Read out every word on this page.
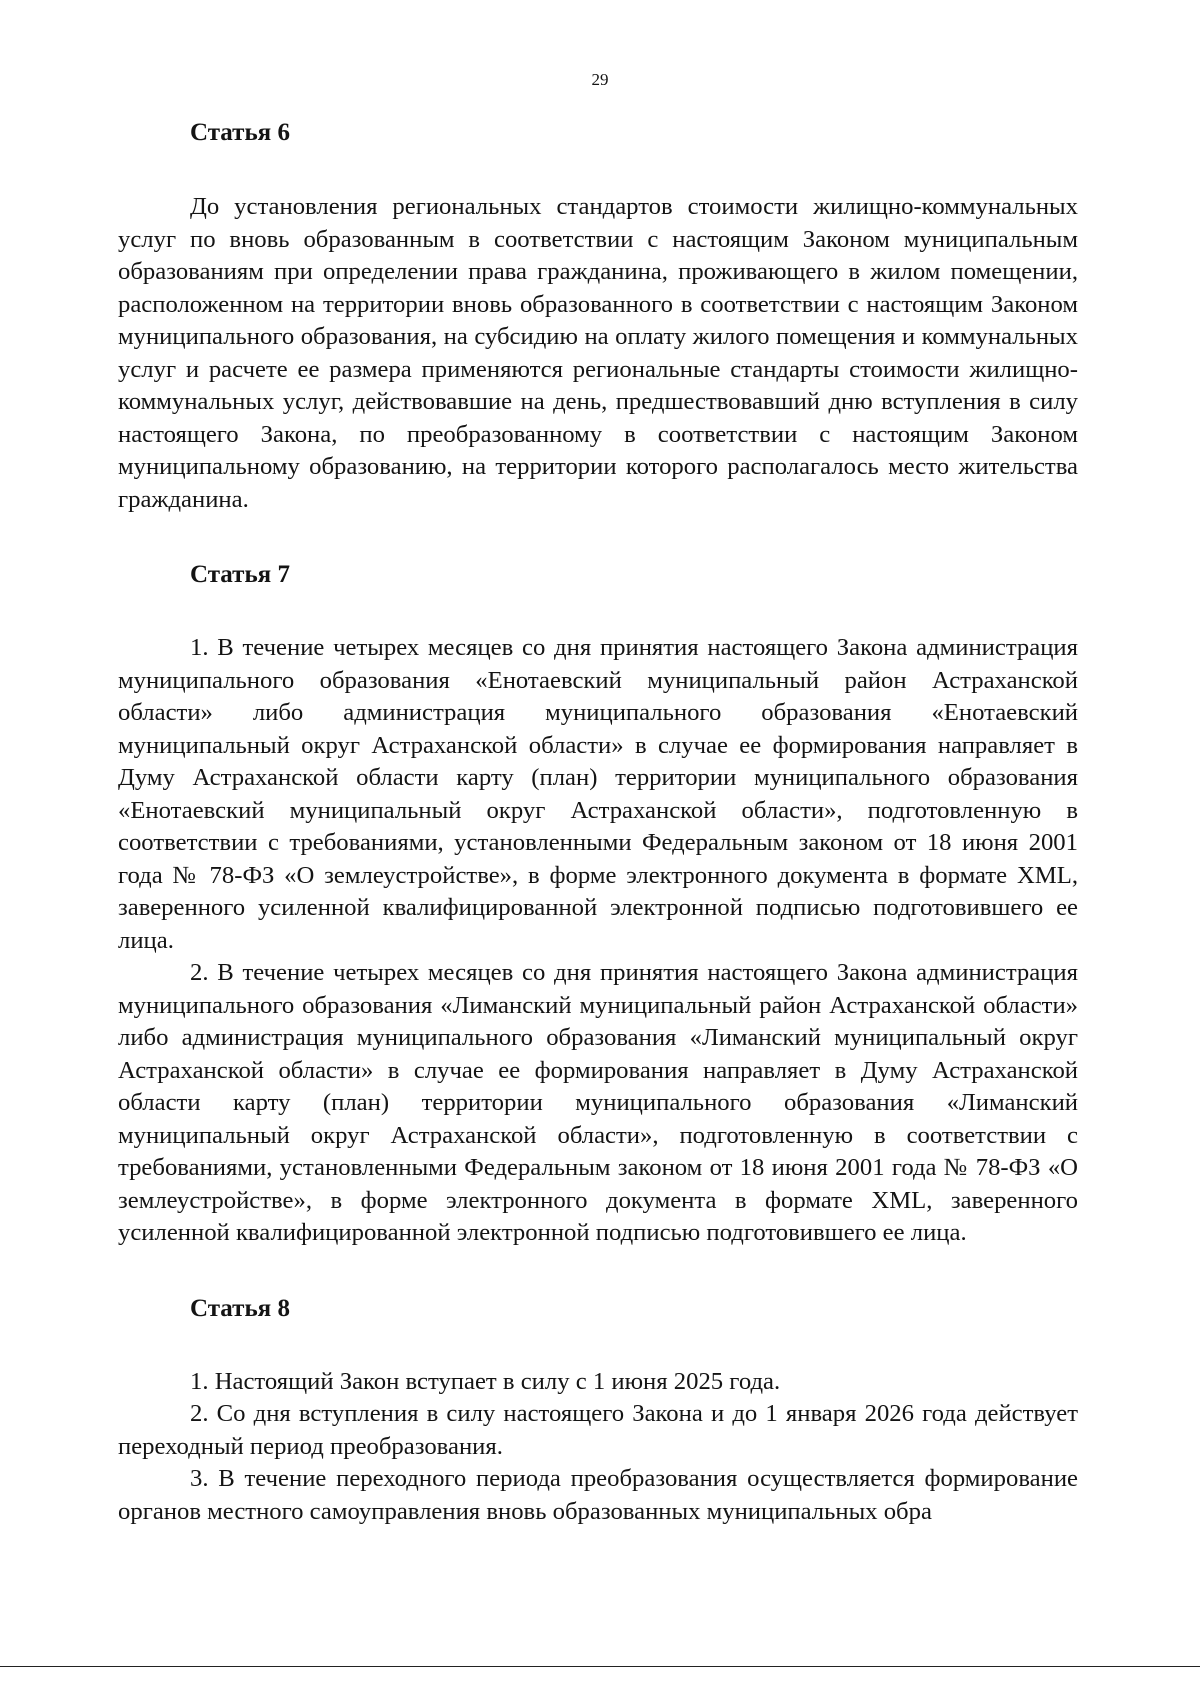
29
Статья 6

До установления региональных стандартов стоимости жилищно-коммунальных услуг по вновь образованным в соответствии с настоящим Законом муниципальным образованиям при определении права гражданина, проживающего в жилом помещении, расположенном на территории вновь образованного в соответствии с настоящим Законом муниципального образования, на субсидию на оплату жилого помещения и коммунальных услуг и расчете ее размера применяются региональные стандарты стоимости жилищно-коммунальных услуг, действовавшие на день, предшествовавший дню вступления в силу настоящего Закона, по преобразованному в соответствии с настоящим Законом муниципальному образованию, на территории которого располагалось место жительства гражданина.

Статья 7

1. В течение четырех месяцев со дня принятия настоящего Закона администрация муниципального образования «Енотаевский муниципальный район Астраханской области» либо администрация муниципального образования «Енотаевский муниципальный округ Астраханской области» в случае ее формирования направляет в Думу Астраханской области карту (план) территории муниципального образования «Енотаевский муниципальный округ Астраханской области», подготовленную в соответствии с требованиями, установленными Федеральным законом от 18 июня 2001 года № 78-ФЗ «О землеустройстве», в форме электронного документа в формате XML, заверенного усиленной квалифицированной электронной подписью подготовившего ее лица.

2. В течение четырех месяцев со дня принятия настоящего Закона администрация муниципального образования «Лиманский муниципальный район Астраханской области» либо администрация муниципального образования «Лиманский муниципальный округ Астраханской области» в случае ее формирования направляет в Думу Астраханской области карту (план) территории муниципального образования «Лиманский муниципальный округ Астраханской области», подготовленную в соответствии с требованиями, установленными Федеральным законом от 18 июня 2001 года № 78-ФЗ «О землеустройстве», в форме электронного документа в формате XML, заверенного усиленной квалифицированной электронной подписью подготовившего ее лица.

Статья 8

1. Настоящий Закон вступает в силу с 1 июня 2025 года.

2. Со дня вступления в силу настоящего Закона и до 1 января 2026 года действует переходный период преобразования.

3. В течение переходного периода преобразования осуществляется формирование органов местного самоуправления вновь образованных муниципальных обра
